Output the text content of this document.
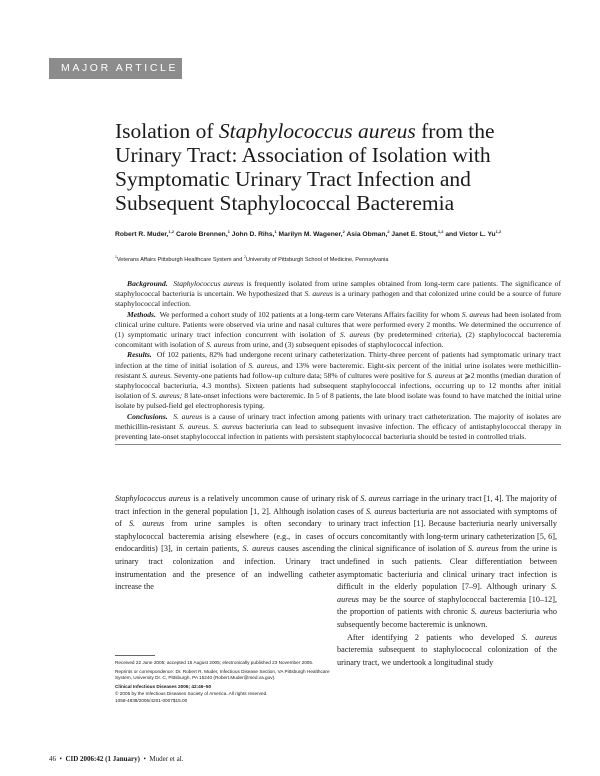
MAJOR ARTICLE
Isolation of Staphylococcus aureus from the Urinary Tract: Association of Isolation with Symptomatic Urinary Tract Infection and Subsequent Staphylococcal Bacteremia
Robert R. Muder,$^{1,2}$ Carole Brennen,$^1$ John D. Rihs,$^1$ Marilyn M. Wagener,$^2$ Asia Obman,$^2$ Janet E. Stout,$^{1,2}$ and Victor L. Yu$^{1,2}$
$^1$Veterans Affairs Pittsburgh Healthcare System and $^2$University of Pittsburgh School of Medicine, Pennsylvania

Background. Staphylococcus aureus is frequently isolated from urine samples obtained from long-term care patients. The significance of staphylococcal bacteriuria is uncertain. We hypothesized that S. aureus is a urinary pathogen and that colonized urine could be a source of future staphylococcal infection.

Methods. We performed a cohort study of 102 patients at a long-term care Veterans Affairs facility for whom S. aureus had been isolated from clinical urine culture. Patients were observed via urine and nasal cultures that were performed every 2 months. We determined the occurrence of (1) symptomatic urinary tract infection concurrent with isolation of S. aureus (by predetermined criteria), (2) staphylococcal bacteremia concomitant with isolation of S. aureus from urine, and (3) subsequent episodes of staphylococcal infection.

Results. Of 102 patients, 82% had undergone recent urinary catheterization. Thirty-three percent of patients had symptomatic urinary tract infection at the time of initial isolation of S. aureus, and 13% were bacteremic. Eight-six percent of the initial urine isolates were methicillin-resistant S. aureus. Seventy-one patients had follow-up culture data; 58% of cultures were positive for S. aureus at ⩾2 months (median duration of staphylococcal bacteriuria, 4.3 months). Sixteen patients had subsequent staphylococcal infections, occurring up to 12 months after initial isolation of S. aureus; 8 late-onset infections were bacteremic. In 5 of 8 patients, the late blood isolate was found to have matched the initial urine isolate by pulsed-field gel electrophoresis typing.

Conclusions. S. aureus is a cause of urinary tract infection among patients with urinary tract catheterization. The majority of isolates are methicillin-resistant S. aureus. S. aureus bacteriuria can lead to subsequent invasive infection. The efficacy of antistaphylococcal therapy in preventing late-onset staphylococcal infection in patients with persistent staphylococcal bacteriuria should be tested in controlled trials.

Staphylococcus aureus is a relatively uncommon cause of urinary tract infection in the general population [1, 2]. Although isolation of S. aureus from urine samples is often secondary to staphylococcal bacteremia arising elsewhere (e.g., in cases of endocarditis) [3], in certain patients, S. aureus causes ascending urinary tract colonization and infection. Urinary tract instrumentation and the presence of an indwelling catheter increase the

risk of S. aureus carriage in the urinary tract [1, 4]. The majority of cases of S. aureus bacteriuria are not associated with symptoms of urinary tract infection [1]. Because bacteriuria nearly universally occurs concomitantly with long-term urinary catheterization [5, 6], the clinical significance of isolation of S. aureus from the urine is undefined in such patients. Clear differentiation between asymptomatic bacteriuria and clinical urinary tract infection is difficult in the elderly population [7–9]. Although urinary S. aureus may be the source of staphylococcal bacteremia [10–12], the proportion of patients with chronic S. aureus bacteriuria who subsequently become bacteremic is unknown.

After identifying 2 patients who developed S. aureus bacteremia subsequent to staphylococcal colonization of the urinary tract, we undertook a longitudinal study

Received 22 June 2005; accepted 15 August 2005; electronically published 23 November 2005.

Reprints or correspondence: Dr. Robert R. Muder, Infectious Disease Section, VA Pittsburgh Healthcare System, University Dr. C, Pittsburgh, PA 15240 (Robert.Muder@med.va.gov).

Clinical Infectious Diseases 2006; 42:46–50

© 2005 by the Infectious Diseases Society of America. All rights reserved.

1058-4838/2006/4201-0007$15.00

46  •  CID 2006:42 (1 January)  •  Muder et al.
